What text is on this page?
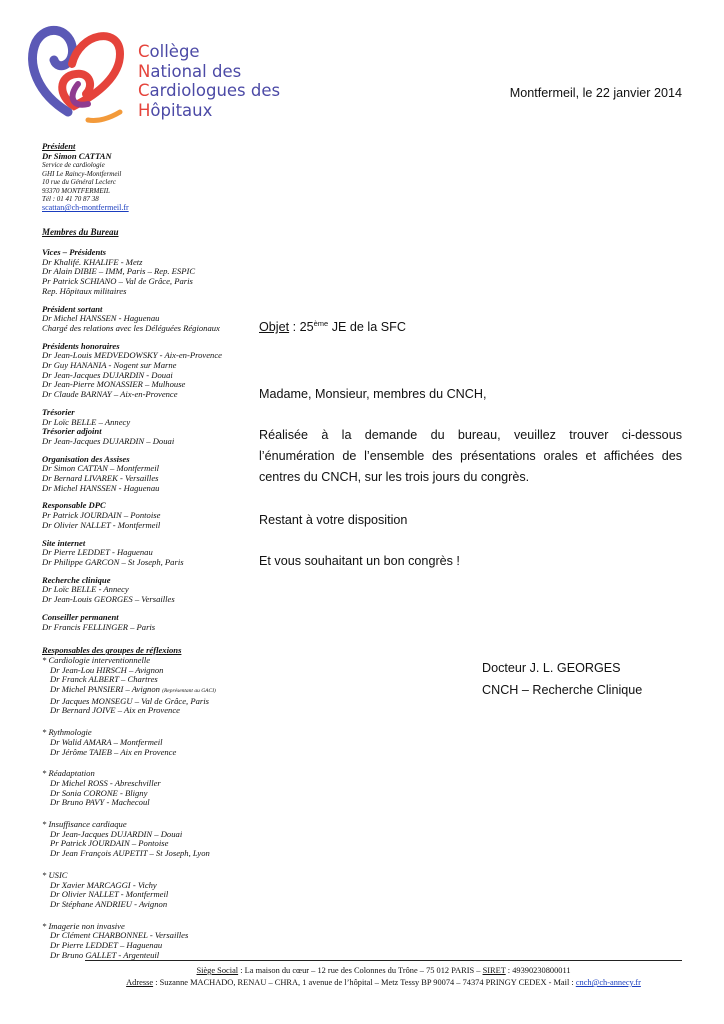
Collège
National des
Cardiologues des
Hôpitaux
Montfermeil, le 22 janvier 2014
Président
Dr Simon CATTAN
Service de cardiologie
GHI Le Raincy-Montfermeil
10 rue du Général Leclerc
93370 MONTFERMEIL
Tél : 01 41 70 87 38
scattan@ch-montfermeil.fr
Membres du Bureau
Vices – Présidents
Dr Khalifé. KHALIFE - Metz
Dr Alain DIBIE – IMM, Paris – Rep. ESPIC
Pr Patrick SCHIANO – Val de Grâce, Paris
Rep. Hôpitaux militaires
Président sortant
Dr Michel HANSSEN - Haguenau
Chargé des relations avec les Déléguées Régionaux
Présidents honoraires
Dr Jean-Louis MEDVEDOWSKY - Aix-en-Provence
Dr Guy HANANIA - Nogent sur Marne
Dr Jean-Jacques DUJARDIN - Douai
Dr Jean-Pierre MONASSIER – Mulhouse
Dr Claude BARNAY – Aix-en-Provence
Trésorier
Dr Loïc BELLE – Annecy
Trésorier adjoint
Dr Jean-Jacques DUJARDIN – Douai
Organisation des Assises
Dr Simon CATTAN – Montfermeil
Dr Bernard LIVAREK - Versailles
Dr Michel HANSSEN - Haguenau
Responsable DPC
Pr Patrick JOURDAIN – Pontoise
Dr Olivier NALLET - Montfermeil
Site internet
Dr Pierre LEDDET - Haguenau
Dr Philippe GARCON – St Joseph, Paris
Recherche clinique
Dr Loïc BELLE - Annecy
Dr Jean-Louis GEORGES – Versailles
Conseiller permanent
Dr Francis FELLINGER – Paris
Responsables des groupes de réflexions
* Cardiologie interventionnelle
Dr Jean-Lou HIRSCH – Avignon
Dr Franck ALBERT – Chartres
Dr Michel PANSIERI – Avignon (Représentant au GACI)
Dr Jacques MONSEGU – Val de Grâce, Paris
Dr Bernard JOIVE – Aix en Provence
* Rythmologie
Dr Walid AMARA – Montfermeil
Dr Jérôme TAIEB – Aix en Provence
* Réadaptation
Dr Michel ROSS - Abreschviller
Dr Sonia CORONE - Bligny
Dr Bruno PAVY - Machecoul
* Insuffisance cardiaque
Dr Jean-Jacques DUJARDIN – Douai
Pr Patrick JOURDAIN – Pontoise
Dr Jean François AUPETIT – St Joseph, Lyon
* USIC
Dr Xavier MARCAGGI - Vichy
Dr Olivier NALLET - Montfermeil
Dr Stéphane ANDRIEU - Avignon
* Imagerie non invasive
Dr Clément CHARBONNEL - Versailles
Dr Pierre LEDDET – Haguenau
Dr Bruno GALLET - Argenteuil
Objet : 25ème JE de la SFC
Madame, Monsieur, membres du CNCH,
Réalisée à la demande du bureau, veuillez trouver ci-dessous l’énumération de l’ensemble des présentations orales et affichées des centres du CNCH, sur les trois jours du congrès.
Restant à votre disposition
Et vous souhaitant un bon congrès !
Docteur J. L. GEORGES
CNCH – Recherche Clinique
Siège Social : La maison du cœur – 12 rue des Colonnes du Trône – 75 012 PARIS – SIRET : 49390230800011
Adresse : Suzanne MACHADO, RENAU – CHRA, 1 avenue de l’hôpital – Metz Tessy BP 90074 – 74374 PRINGY CEDEX - Mail : cnch@ch-annecy.fr
